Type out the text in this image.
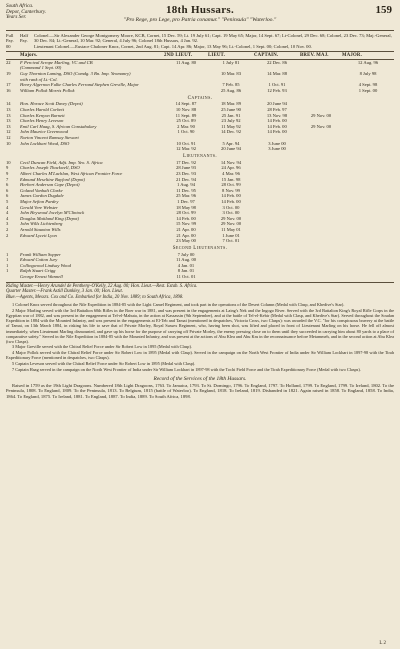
South Africa.
Depot, Canterbury.
Years Ser.
18th Hussars.	159
"Pro Rege, pro Lege, pro Patria conamur." "Peninsula" "Waterloo."
Full Pay.
Half Pay.
Colonel.—Sir Alexander George Montgomery Moore, KCB, Cornet, 15 Dec. 59; Lt. 19 July 61; Capt. 19 May 65; Major, 14 Sept. 67; Lt-Colonel, 29 Dec. 68; Colonel, 23 Dec. 73; Maj.-General, 30 Dec. 84; Lt.-General, 10 Mar. 92; General, 4 July 96; Colonel 18th Hussars, 4 Jan. 92.
00	Lieutenant Colonel.—Eustace Chaloner Knox, Cornet, 2nd Aug. 81; Capt. 14 Apr. 86; Major, 13 May 96; Lt.-Colonel, 1 Sept. 00; Colonel, 10 Nov. 00.
Majors.	2ND LIEUT.	LIEUT.	CAPTAIN.	BREV. MAJ.	MAJOR.
22	F Percival Scrope Marling, VC and CB	11 Aug. 80	1 July 81	22 Dec. 86	12 Aug. 96
(Command 1 Sept. 00)
19	Guy Thornton Laming, DSO (Comdg. 3 Bn. Imp. Yeomanry)	10 Mar. 83	14 Mar. 88	8 July 98
with rank of Lt.-Col.
17	Henry Algernon Fulke Charles Ferrand Stephen Greville, Major	7 Feb. 85	1 Oct. 91	4 Sept. 98
16	William Pollok Morris Pollok	25 Aug. 86	12 Feb. 93	1 Sept. 00
Captains.
14	Hon. Horace Scott Davey (Depot)	14 Sept. 87	18 Mar. 89	20 June 94
13	Charles Harold Corbett	10 Nov. 88	25 June 90	28 Feb. 97
13	Charles Kenyon Burnett	11 Sept. 89	25 Jan. 91	13 Nov. 98	29 Nov. 00
13	Charles Henry Leveson	25 Oct. 89	23 July 92	14 Feb. 00
13	Emil Carl Haag, S. African Constabulary	2 Mar. 90	11 May 92	14 Feb. 00	29 Nov. 00
12	John Maurice Greenwood	1 Oct. 90	14 Dec. 92	14 Feb. 00
12	Norton Vincent Ramsay Stewart
10	John Lockhart Wood, DSO	10 Oct. 91	5 Apr. 94	3 June 00
12 Mar. 92	20 June 94	3 June 00
Lieutenants.
10	Cecil Duncan Field, Adjt. Imp. Yeo. S. Africa	17 Dec. 92	14 Nov. 94
9	Charles Joseph Thackwell, DSO	28 June 93	24 Apr. 96
9	Albert Charles M'Lachlan, West African Frontier Force	23 Dec. 93	4 Mar. 96
7	Edmund Heseltine Bayford (Depot)	21 Dec. 94	15 Jan. 98
6	Herbert Anderson Cape (Depot)	1 Aug. 94	28 Oct. 99
6	Goland Vanhalt Clarke	11 Dec. 95	8 Nov. 99
6	James Gordon Dugdale	25 Mar. 96	14 Feb. 00
5	Major Sefton Pardey	1 Dec. 97	14 Feb. 00
4	Gerald Vere Webster	18 May 98	3 Oct. 00
4	John Heywood Jocelyn M'Clintock	28 Oct. 99	3 Oct. 00
4	Douglas Maitland King (Depot)	14 Feb. 00	29 Nov. 00
3	John Wills Lichtenberg	15 Nov. 99	29 Nov. 00
2	Arnold Staunton Wills	21 Apr. 00	11 May 01
2	Edward Lycett Lyon	21 Apr. 00	1 June 01
23 May 00	7 Oct. 01
Second Lieutenants.
1	Frank William Sopper	7 July 00
1	Edward Cotton Jury	11 Aug. 00
1	Collingwood Lindsay Wood	4 Jan. 01
1	Ralph Stuart Grigg	8 Jan. 01
George Ernest Wannell	11 Oct. 01
Riding Master.—Henry Arundel de Pentheny-O'Kelly, 22 Aug. 00; Hon. Lieut.—Rest. Estab. S. Africa.
Quarter Master.—Frank Astill Dunkley, 3 Jan. 00; Hon. Lieut.
Blue.—Agents, Messrs. Cox and Co. Embarked for India, 20 Nov. 1889; to South Africa, 1898.

1 Colonel Knox served throughout the Nile Expedition in 1884-85 with the Light Camel Regiment, and took part in the operations of the Desert Column (Medal with Clasp, and Khedive's Star).

2 Major Marling served with the 3rd Battalion 60th Rifles in the Boer war in 1881, and was present in the engagements at Laing's Nek and the Ingogo River. Served with the 3rd Battalion King's Royal Rifle Corps in the Egyptian war of 1882, and was present in the engagement at Tel-el-Mahuta, in the action at Kassassin (9th September), and at the battle of Tel-el-Kebir (Medal with Clasp, and Khedive's Star). Served throughout the Soudan Expedition in 1884 with the Mounted Infantry, and was present in the engagements at El-Teb and Tamai (mentioned in despatches, Victoria Cross, two Clasps): was awarded the V.C. "for his conspicuous bravery at the battle of Tamai, on 13th March 1884, in risking his life to save that of Private Morley, Royal Sussex Regiment, who, having been shot, was lifted and placed in front of Lieutenant Marling on his horse. He fell off almost immediately, when Lieutenant Marling dismounted, and gave up his horse for the purpose of carrying off Private Morley, the enemy pressing close on to them until they succeeded in carrying him about 80 yards to a place of comparative safety." Served in the Nile Expedition in 1884-85 with the Mounted Infantry, and was present at the actions of Abu Klea and Abu Kru in the reconnaissance before Metammeh, and in the second action at Abu Klea (two Clasps).

3 Major Greville served with the Chitral Relief Force under Sir Robert Low in 1895 (Medal with Clasp).

4 Major Pollok served with the Chitral Relief Force under Sir Robert Low in 1895 (Medal with Clasp). Served in the campaign on the North West Frontier of India under Sir William Lockhart in 1897-98 with the Tirah Expeditionary Force (mentioned in despatches, two Clasps).

5 Captain Leveson served with the Chitral Relief Force under Sir Robert Low in 1895 (Medal with Clasp).

7 Captain Haag served in the campaign on the North West Frontier of India under Sir William Lockhart in 1897-98 with the Tochi Field Force and the Tirah Expeditionary Force (Medal with two Clasps).

Record of the Services of the 18th Hussars.
Raised in 1759 as the 19th Light Dragoons. Numbered 18th Light Dragoons, 1763. To Jamaica, 1793. To St. Domingo, 1796. To England, 1797. To Holland, 1799. To England, 1799. To Ireland, 1802. To the Peninsula, 1808. To England, 1809. To the Peninsula, 1813. To Belgium, 1815 (battle of Waterloo). To England, 1818. To Ireland, 1819. Disbanded in 1821. Again raised in 1858. To England, 1858. To India, 1864. To England, 1875. To Ireland, 1881. To England, 1887. To India, 1889. To South Africa, 1898.
L 2
